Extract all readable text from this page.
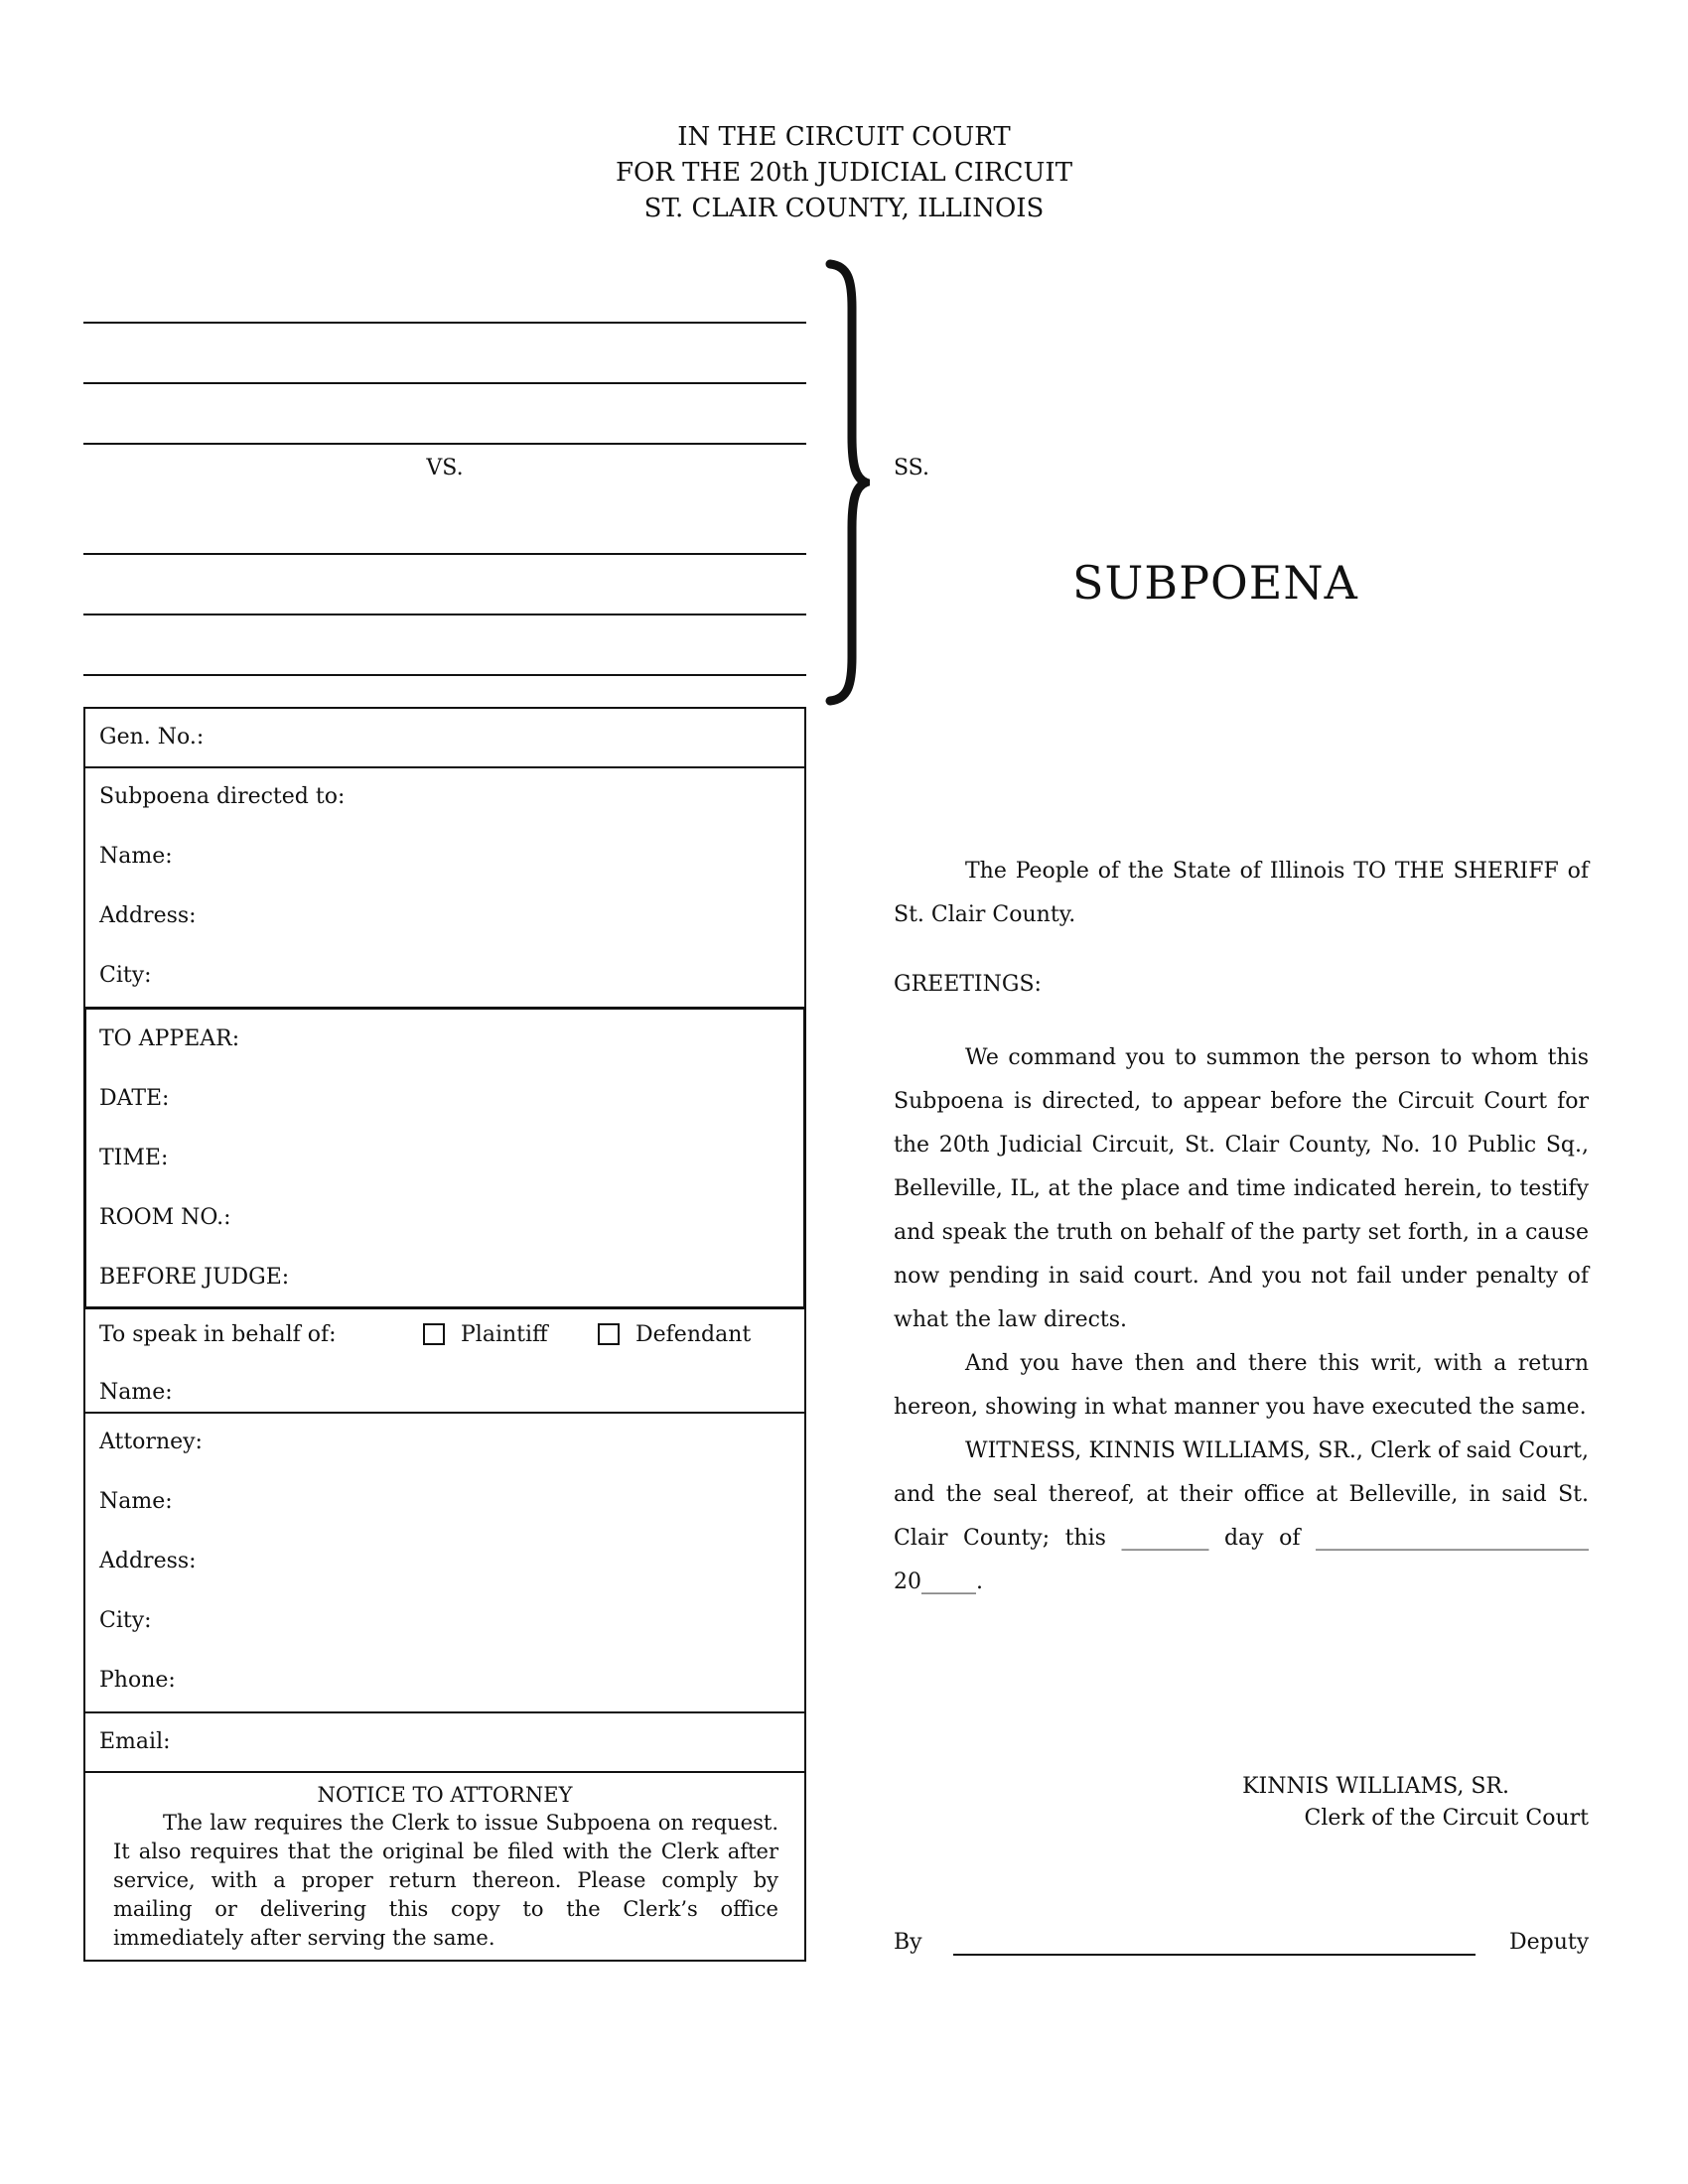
IN THE CIRCUIT COURT
FOR THE 20th JUDICIAL CIRCUIT
ST. CLAIR COUNTY, ILLINOIS
VS.	SS.
SUBPOENA
Gen. No.:
Subpoena directed to:
Name:
Address:
City:
TO APPEAR:
DATE:
TIME:
ROOM NO.:
BEFORE JUDGE:
To speak in behalf of:	Plaintiff	Defendant
Name:
Attorney:
Name:
Address:
City:
Phone:
Email:
NOTICE TO ATTORNEY
The law requires the Clerk to issue Subpoena on request. It also requires that the original be filed with the Clerk after service, with a proper return thereon. Please comply by mailing or delivering this copy to the Clerk’s office immediately after serving the same.
The People of the State of Illinois TO THE SHERIFF of St. Clair County.
GREETINGS:
We command you to summon the person to whom this Subpoena is directed, to appear before the Circuit Court for the 20th Judicial Circuit, St. Clair County, No. 10 Public Sq., Belleville, IL, at the place and time indicated herein, to testify and speak the truth on behalf of the party set forth, in a cause now pending in said court. And you not fail under penalty of what the law directs.
And you have then and there this writ, with a return hereon, showing in what manner you have executed the same.
WITNESS, KINNIS WILLIAMS, SR., Clerk of said Court, and the seal thereof, at their office at Belleville, in said St. Clair County; this ________ day of _________________________ 20_____.
KINNIS WILLIAMS, SR.
Clerk of the Circuit Court
By	Deputy
